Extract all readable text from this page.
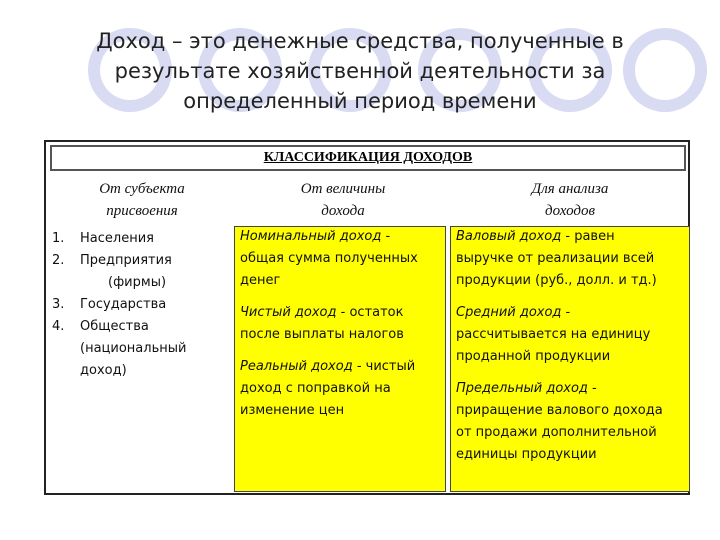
Доход – это денежные средства, полученные в
результате хозяйственной деятельности за
определенный период времени
КЛАССИФИКАЦИЯ ДОХОДОВ
От субъекта
присвоения
От величины
дохода
Для анализа
доходов
1. Населения
2. Предприятия
(фирмы)
3. Государства
4. Общества
(национальный
доход)
Номинальный доход -
общая сумма полученных
денег
Чистый доход - остаток
после выплаты налогов
Реальный доход - чистый
доход с поправкой на
изменение цен
Валовый доход - равен
выручке от реализации всей
продукции (руб., долл. и тд.)
Средний доход -
рассчитывается на единицу
проданной продукции
Предельный доход -
приращение валового дохода
от продажи дополнительной
единицы продукции
